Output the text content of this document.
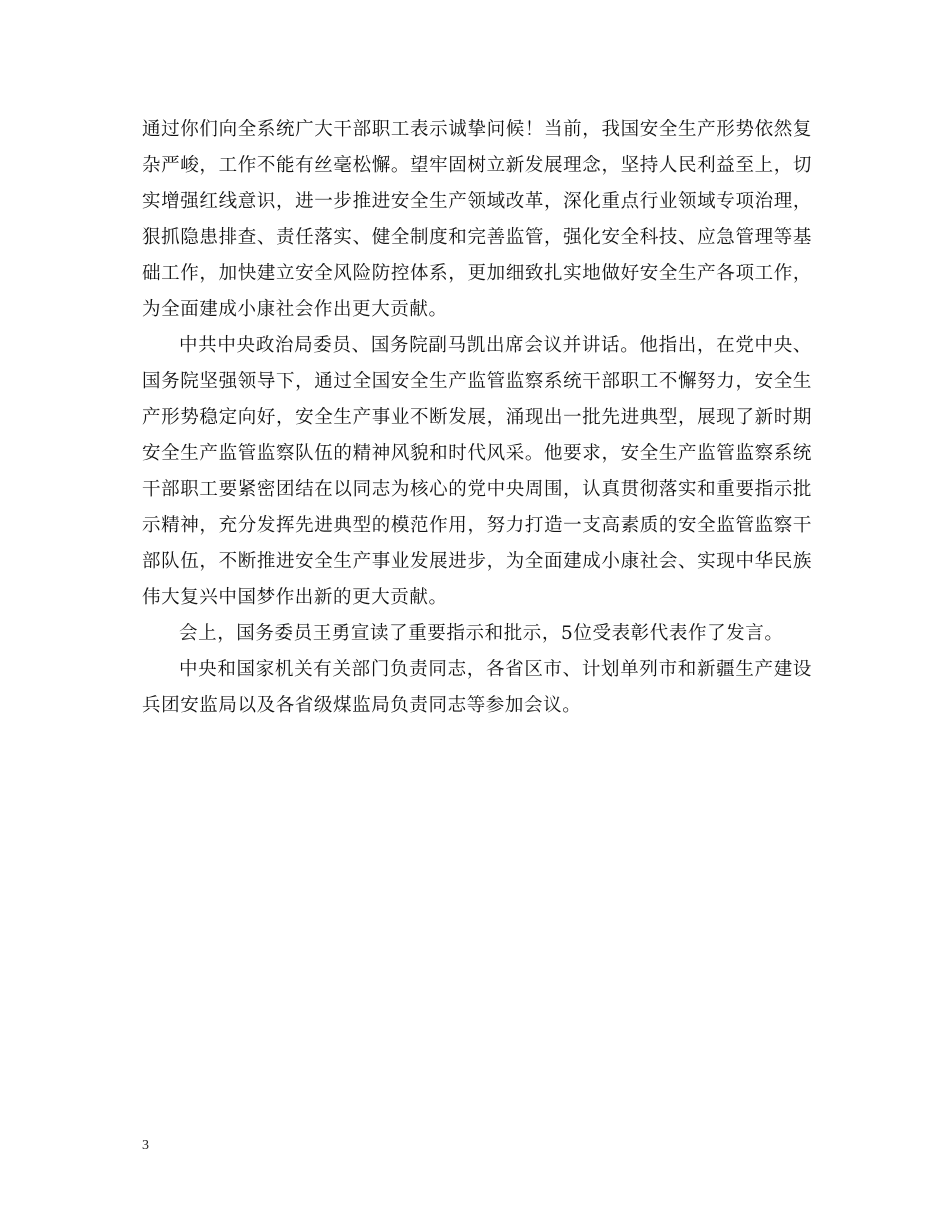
通过你们向全系统广大干部职工表示诚挚问候！当前，我国安全生产形势依然复杂严峻，工作不能有丝毫松懈。望牢固树立新发展理念，坚持人民利益至上，切实增强红线意识，进一步推进安全生产领域改革，深化重点行业领域专项治理，狠抓隐患排查、责任落实、健全制度和完善监管，强化安全科技、应急管理等基础工作，加快建立安全风险防控体系，更加细致扎实地做好安全生产各项工作，为全面建成小康社会作出更大贡献。

中共中央政治局委员、国务院副马凯出席会议并讲话。他指出，在党中央、国务院坚强领导下，通过全国安全生产监管监察系统干部职工不懈努力，安全生产形势稳定向好，安全生产事业不断发展，涌现出一批先进典型，展现了新时期安全生产监管监察队伍的精神风貌和时代风采。他要求，安全生产监管监察系统干部职工要紧密团结在以同志为核心的党中央周围，认真贯彻落实和重要指示批示精神，充分发挥先进典型的模范作用，努力打造一支高素质的安全监管监察干部队伍，不断推进安全生产事业发展进步，为全面建成小康社会、实现中华民族伟大复兴中国梦作出新的更大贡献。

会上，国务委员王勇宣读了重要指示和批示，5位受表彰代表作了发言。

中央和国家机关有关部门负责同志，各省区市、计划单列市和新疆生产建设兵团安监局以及各省级煤监局负责同志等参加会议。

3
